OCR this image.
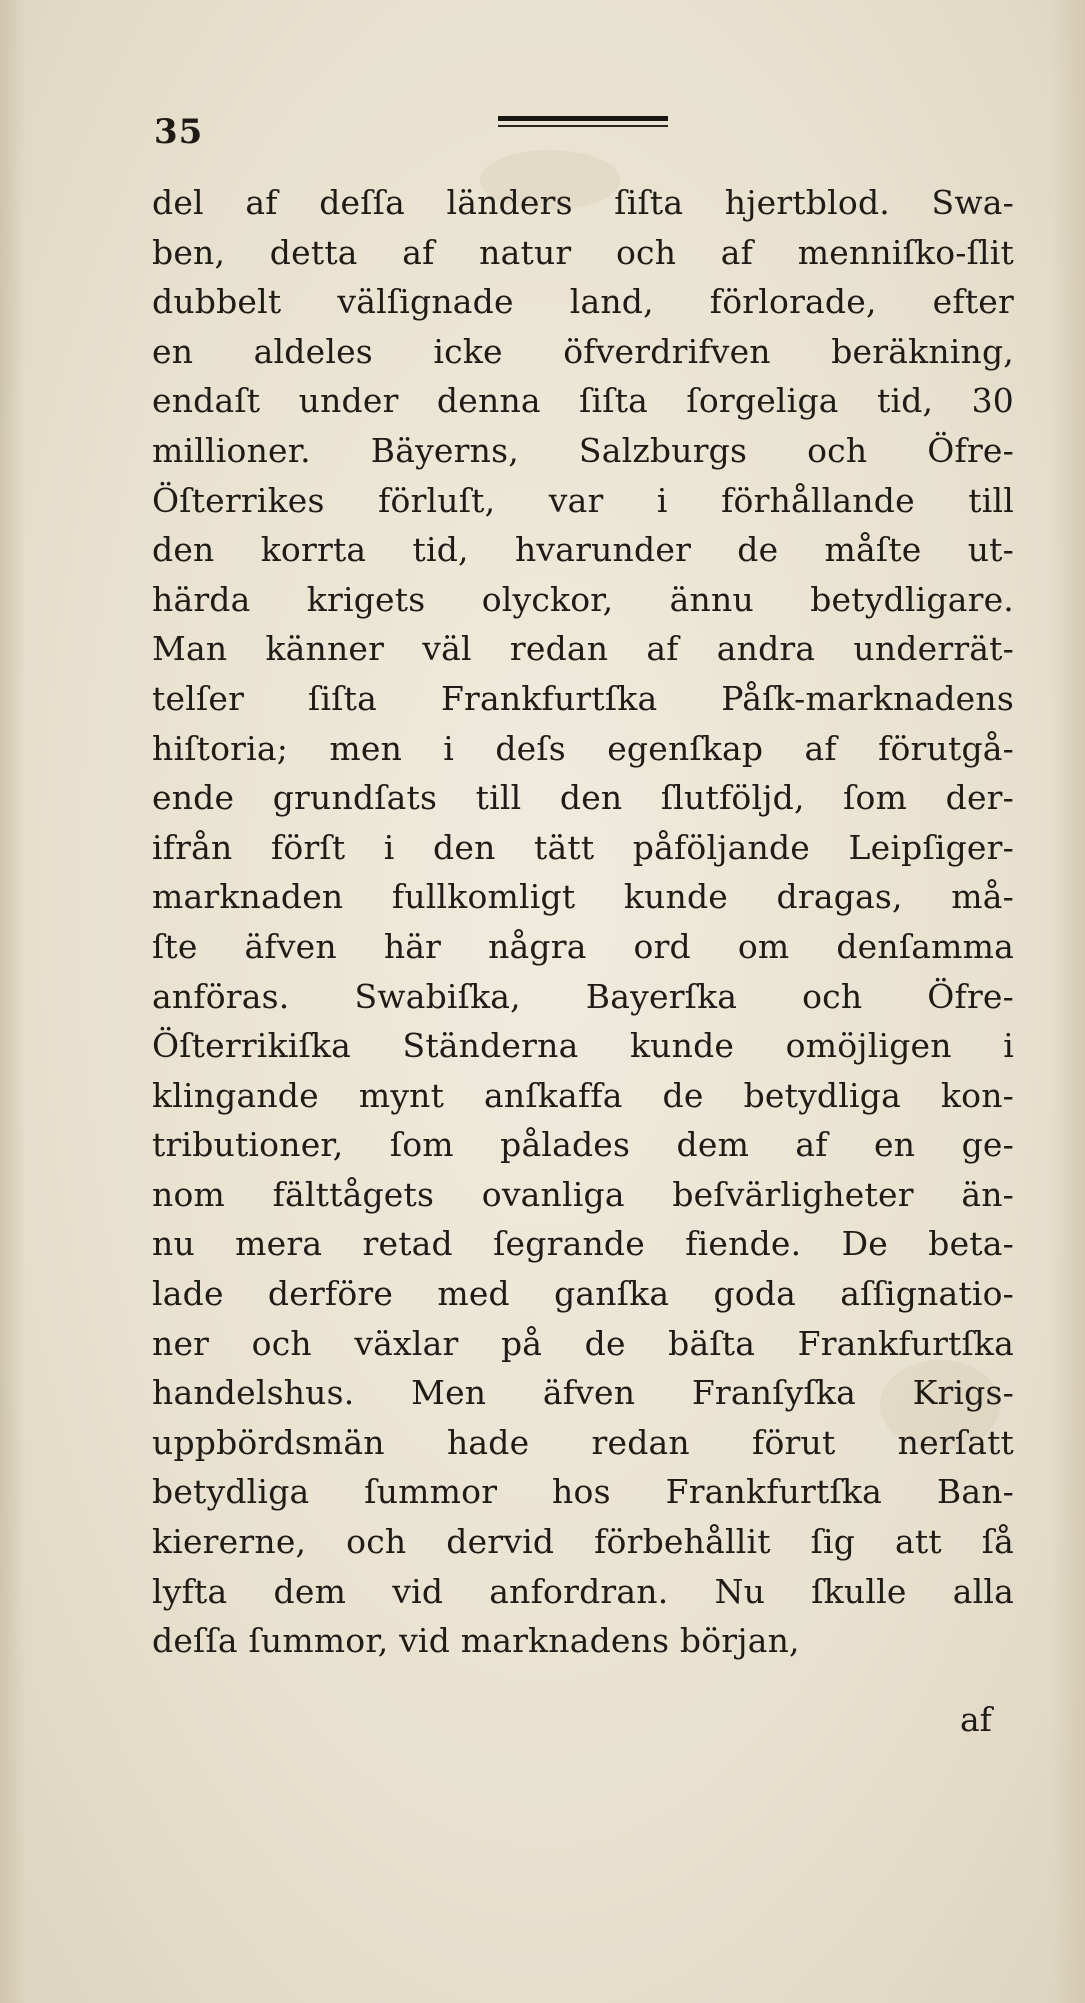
35
del af deſſa länders ſiſta hjertblod. Swa-
ben, detta af natur och af menniſko-ſlit
dubbelt välſignade land, förlorade, efter
en aldeles icke öfverdrifven beräkning,
endaſt under denna ſiſta ſorgeliga tid, 30
millioner. Bäyerns, Salzburgs och Öfre-
Öſterrikes förluſt, var i förhållande till
den korrta tid, hvarunder de måſte ut-
härda krigets olyckor, ännu betydligare.
Man känner väl redan af andra underrät-
telſer ſiſta Frankfurtſka Påſk-marknadens
hiſtoria; men i deſs egenſkap af förutgå-
ende grundſats till den ſlutföljd, ſom der-
ifrån förſt i den tätt påföljande Leipſiger-
marknaden fullkomligt kunde dragas, må-
ſte äfven här några ord om denſamma
anföras. Swabiſka, Bayerſka och Öfre-
Öſterrikiſka Ständerna kunde omöjligen i
klingande mynt anſkaffa de betydliga kon-
tributioner, ſom pålades dem af en ge-
nom fälttågets ovanliga beſvärligheter än-
nu mera retad ſegrande fiende. De beta-
lade derföre med ganſka goda aſſignatio-
ner och växlar på de bäſta Frankfurtſka
handelshus. Men äfven Franſyſka Krigs-
uppbördsmän hade redan förut nerſatt
betydliga ſummor hos Frankfurtſka Ban-
kiererne, och dervid förbehållit ſig att ſå
lyfta dem vid anfordran. Nu ſkulle alla
deſſa ſummor, vid marknadens början,
af
